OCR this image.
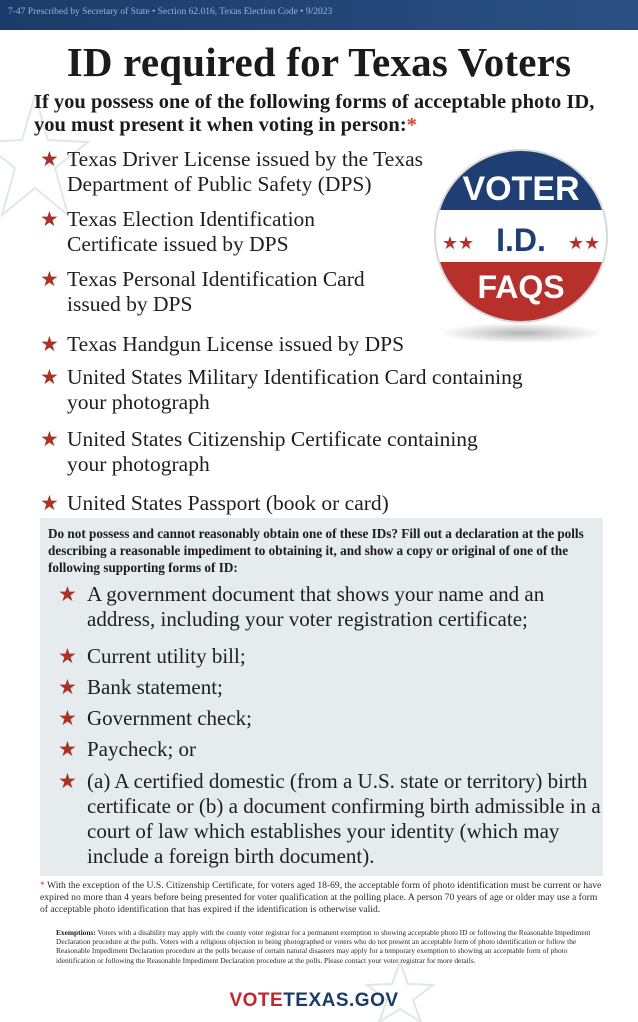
7-47 Prescribed by Secretary of State • Section 62.016, Texas Election Code • 9/2023
ID required for Texas Voters
If you possess one of the following forms of acceptable photo ID, you must present it when voting in person:*
★ Texas Driver License issued by the Texas
Department of Public Safety (DPS)
★ Texas Election Identification
Certificate issued by DPS
★ Texas Personal Identification Card
issued by DPS
★ Texas Handgun License issued by DPS
★ United States Military Identification Card containing
your photograph
★ United States Citizenship Certificate containing
your photograph
★ United States Passport (book or card)
VOTER
★★ I.D. ★★
FAQS
Do not possess and cannot reasonably obtain one of these IDs? Fill out a declaration at the polls describing a reasonable impediment to obtaining it, and show a copy or original of one of the following supporting forms of ID:
★ A government document that shows your name and an address, including your voter registration certificate;
★ Current utility bill;
★ Bank statement;
★ Government check;
★ Paycheck; or
★ (a) A certified domestic (from a U.S. state or territory) birth certificate or (b) a document confirming birth admissible in a court of law which establishes your identity (which may include a foreign birth document).
* With the exception of the U.S. Citizenship Certificate, for voters aged 18-69, the acceptable form of photo identification must be current or have expired no more than 4 years before being presented for voter qualification at the polling place. A person 70 years of age or older may use a form of acceptable photo identification that has expired if the identification is otherwise valid.
Exemptions: Voters with a disability may apply with the county voter registrar for a permanent exemption to showing acceptable photo ID or following the Reasonable Impediment Declaration procedure at the polls. Voters with a religious objection to being photographed or voters who do not present an acceptable form of photo identification or follow the Reasonable Impediment Declaration procedure at the polls because of certain natural disasters may apply for a temporary exemption to showing an acceptable form of photo identification or following the Reasonable Impediment Declaration procedure at the polls. Please contact your voter registrar for more details.
VOTETEXAS.GOV
